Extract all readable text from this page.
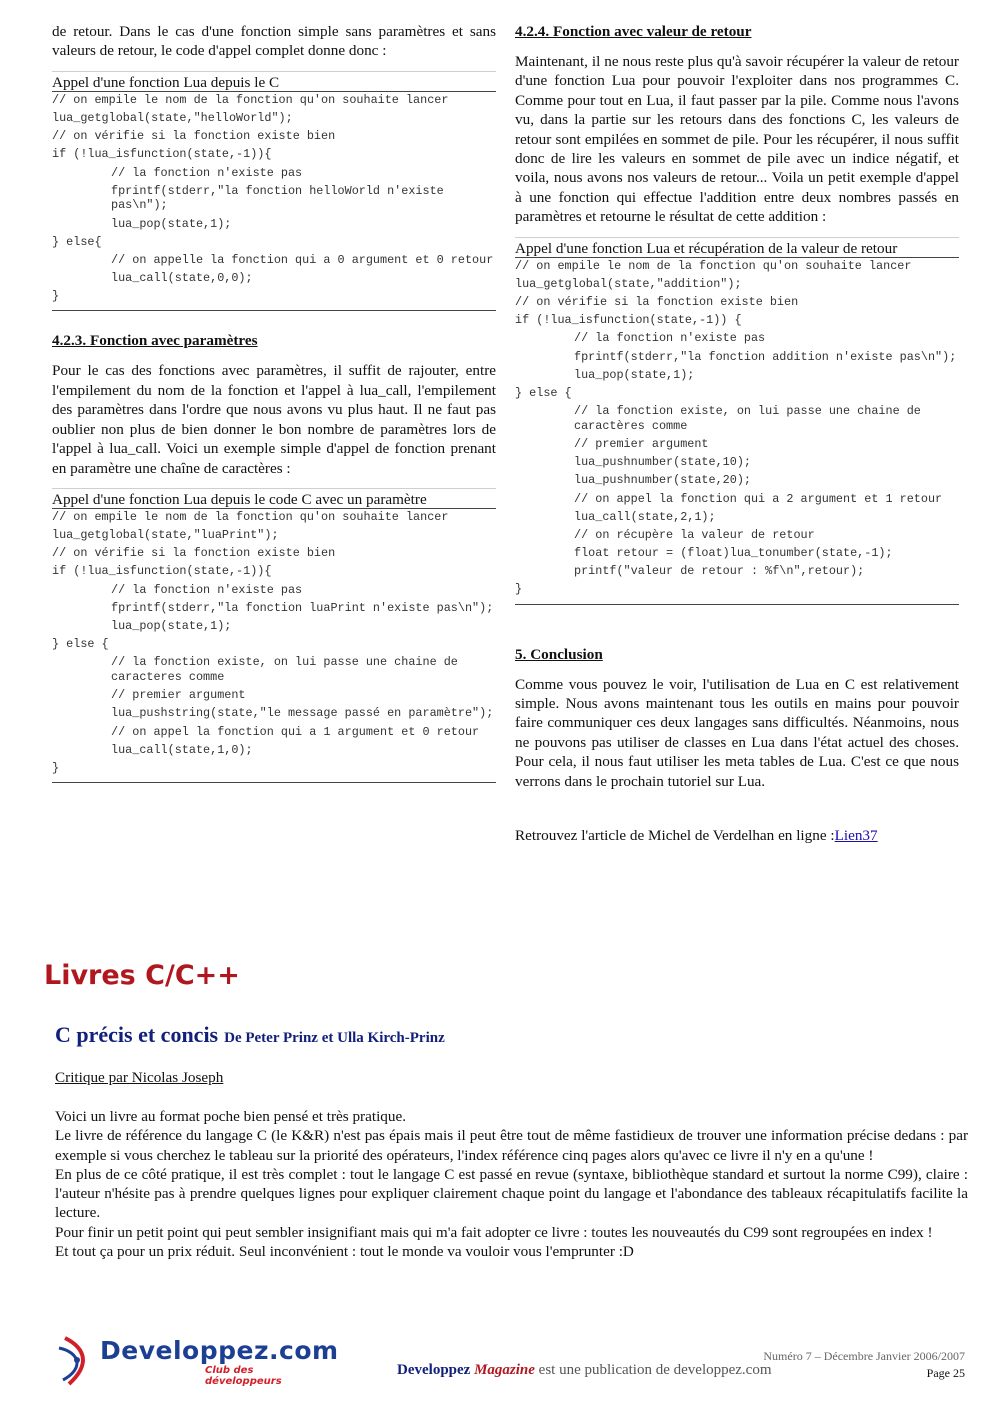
de retour. Dans le cas d'une fonction simple sans paramètres et sans valeurs de retour, le code d'appel complet donne donc :

Appel d'une fonction Lua depuis le C

// on empile le nom de la fonction qu'on souhaite lancer
lua_getglobal(state,"helloWorld");
// on vérifie si la fonction existe bien
if (!lua_isfunction(state,-1)){
// la fonction n'existe pas
fprintf(stderr,"la fonction helloWorld n'existe pas\n");
lua_pop(state,1);
} else{
// on appelle la fonction qui a 0 argument et 0 retour
lua_call(state,0,0);
}

4.2.3. Fonction avec paramètres

Pour le cas des fonctions avec paramètres, il suffit de rajouter, entre l'empilement du nom de la fonction et l'appel à lua_call, l'empilement des paramètres dans l'ordre que nous avons vu plus haut. Il ne faut pas oublier non plus de bien donner le bon nombre de paramètres lors de l'appel à lua_call. Voici un exemple simple d'appel de fonction prenant en paramètre une chaîne de caractères :

Appel d'une fonction Lua depuis le code C avec un paramètre

// on empile le nom de la fonction qu'on souhaite lancer
lua_getglobal(state,"luaPrint");
// on vérifie si la fonction existe bien
if (!lua_isfunction(state,-1)){
// la fonction n'existe pas
fprintf(stderr,"la fonction luaPrint n'existe pas\n");
lua_pop(state,1);
} else {
// la fonction existe, on lui passe une chaine de caracteres comme
// premier argument
lua_pushstring(state,"le message passé en paramètre");
// on appel la fonction qui a 1 argument et 0 retour
lua_call(state,1,0);
}

4.2.4. Fonction avec valeur de retour

Maintenant, il ne nous reste plus qu'à savoir récupérer la valeur de retour d'une fonction Lua pour pouvoir l'exploiter dans nos programmes C. Comme pour tout en Lua, il faut passer par la pile. Comme nous l'avons vu, dans la partie sur les retours dans des fonctions C, les valeurs de retour sont empilées en sommet de pile. Pour les récupérer, il nous suffit donc de lire les valeurs en sommet de pile avec un indice négatif, et voila, nous avons nos valeurs de retour... Voila un petit exemple d'appel à une fonction qui effectue l'addition entre deux nombres passés en paramètres et retourne le résultat de cette addition :

Appel d'une fonction Lua et récupération de la valeur de retour

// on empile le nom de la fonction qu'on souhaite lancer
lua_getglobal(state,"addition");
// on vérifie si la fonction existe bien
if (!lua_isfunction(state,-1)) {
// la fonction n'existe pas
fprintf(stderr,"la fonction addition n'existe pas\n");
lua_pop(state,1);
} else {
// la fonction existe, on lui passe une chaine de caractères comme
// premier argument
lua_pushnumber(state,10);
lua_pushnumber(state,20);
// on appel la fonction qui a 2 argument et 1 retour
lua_call(state,2,1);
// on récupère la valeur de retour
float retour = (float)lua_tonumber(state,-1);
printf("valeur de retour : %f\n",retour);
}

5. Conclusion

Comme vous pouvez le voir, l'utilisation de Lua en C est relativement simple. Nous avons maintenant tous les outils en mains pour pouvoir faire communiquer ces deux langages sans difficultés. Néanmoins, nous ne pouvons pas utiliser de classes en Lua dans l'état actuel des choses. Pour cela, il nous faut utiliser les meta tables de Lua. C'est ce que nous verrons dans le prochain tutoriel sur Lua.

Retrouvez l'article de Michel de Verdelhan en ligne :Lien37

Livres C/C++
C précis et concis De Peter Prinz et Ulla Kirch-Prinz

Critique par Nicolas Joseph

Voici un livre au format poche bien pensé et très pratique.

Le livre de référence du langage C (le K&R) n'est pas épais mais il peut être tout de même fastidieux de trouver une information précise dedans : par exemple si vous cherchez le tableau sur la priorité des opérateurs, l'index référence cinq pages alors qu'avec ce livre il n'y en a qu'une !

En plus de ce côté pratique, il est très complet : tout le langage C est passé en revue (syntaxe, bibliothèque standard et surtout la norme C99), claire : l'auteur n'hésite pas à prendre quelques lignes pour expliquer clairement chaque point du langage et l'abondance des tableaux récapitulatifs facilite la lecture.

Pour finir un petit point qui peut sembler insignifiant mais qui m'a fait adopter ce livre : toutes les nouveautés du C99 sont regroupées en index !

Et tout ça pour un prix réduit. Seul inconvénient : tout le monde va vouloir vous l'emprunter :D

Developpez.com
Club des développeurs
Developpez Magazine est une publication de developpez.com
Numéro 7 – Décembre Janvier 2006/2007
Page 25
